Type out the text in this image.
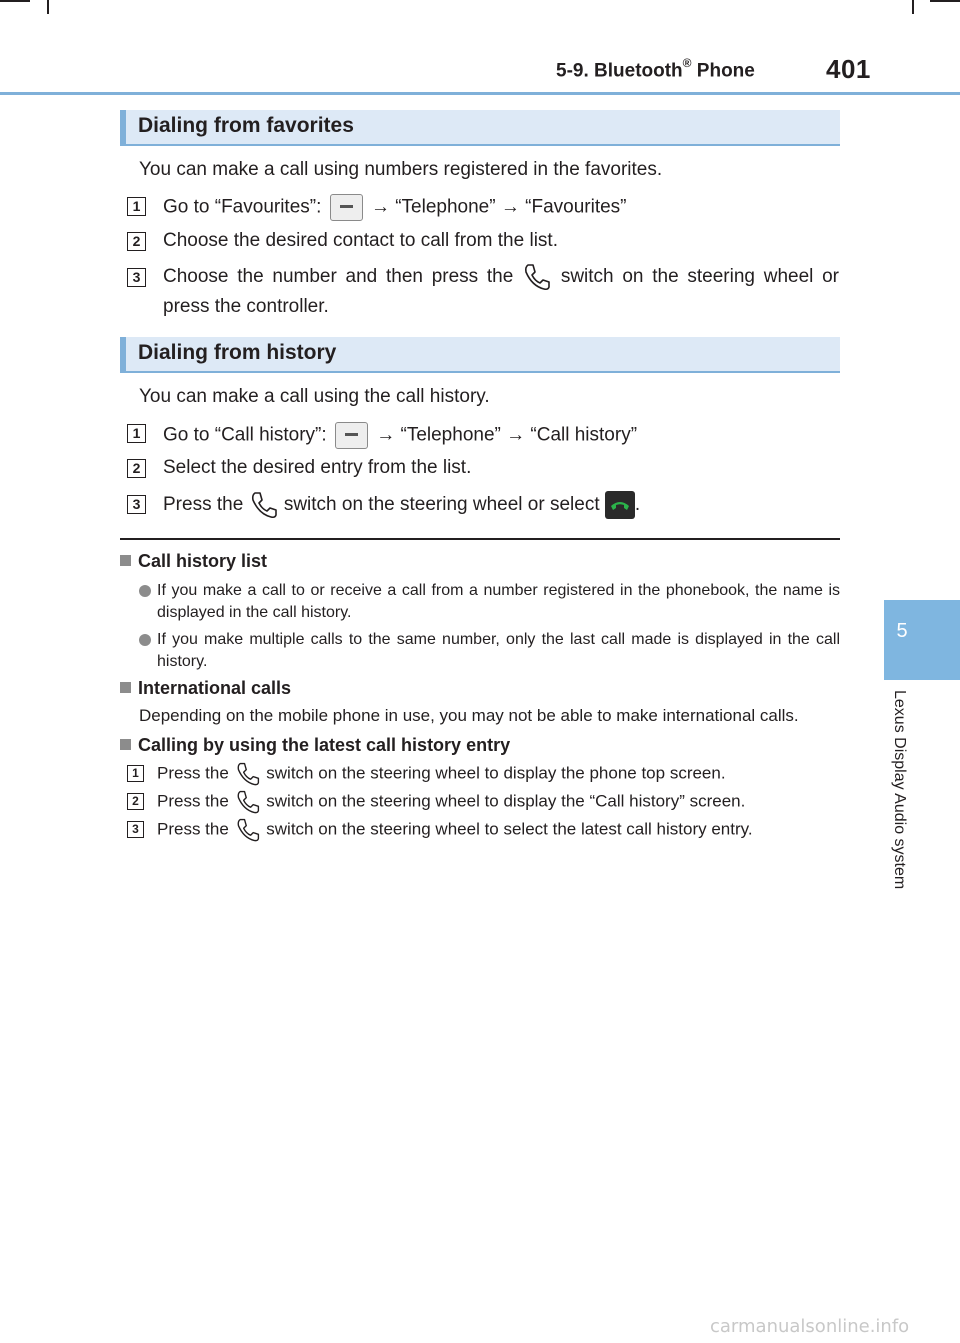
5-9. Bluetooth® Phone	401
5
Lexus Display Audio system
Dialing from favorites
You can make a call using numbers registered in the favorites.
1 Go to “Favourites”:	→ “Telephone” → “Favourites”
2 Choose the desired contact to call from the list.
3 Choose the number and then press the	switch on the steering wheel or
press the controller.
Dialing from history
You can make a call using the call history.
1 Go to “Call history”:	→ “Telephone” → “Call history”
2 Select the desired entry from the list.
3 Press the switch on the steering wheel or select .
Call history list
If you make a call to or receive a call from a number registered in the phonebook, the name is displayed in the call history.
If you make multiple calls to the same number, only the last call made is displayed in the call history.
International calls
Depending on the mobile phone in use, you may not be able to make international calls.
Calling by using the latest call history entry
1	Press the switch on the steering wheel to display the phone top screen.
2	Press the switch on the steering wheel to display the “Call history” screen.
3	Press the switch on the steering wheel to select the latest call history entry.
carmanualsonline.info
